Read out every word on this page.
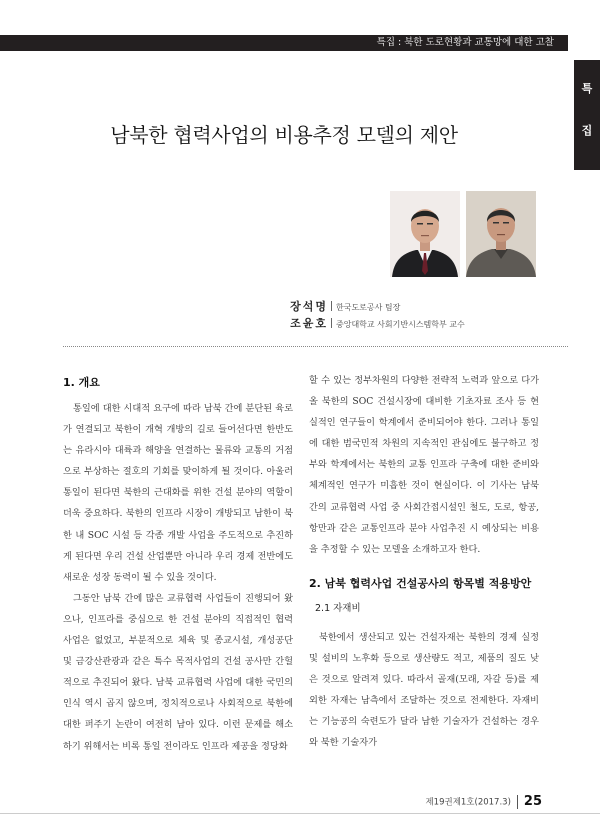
특집 : 북한 도로현황과 교통망에 대한 고찰
특
집
남북한 협력사업의 비용추정 모델의 제안
장석명 한국도로공사 팀장
조윤호 중앙대학교 사회기반시스템학부 교수
1. 개요

통일에 대한 시대적 요구에 따라 남북 간에 분단된 육로가 연결되고 북한이 개혁 개방의 길로 들어선다면 한반도는 유라시아 대륙과 해양을 연결하는 물류와 교통의 거점으로 부상하는 절호의 기회를 맞이하게 될 것이다. 아울러 통일이 된다면 북한의 근대화를 위한 건설 분야의 역할이 더욱 중요하다. 북한의 인프라 시장이 개방되고 남한이 북한 내 SOC 시설 등 각종 개발 사업을 주도적으로 추진하게 된다면 우리 건설 산업뿐만 아니라 우리 경제 전반에도 새로운 성장 동력이 될 수 있을 것이다.

그동안 남북 간에 많은 교류협력 사업들이 진행되어 왔으나, 인프라를 중심으로 한 건설 분야의 직접적인 협력 사업은 없었고, 부분적으로 체육 및 종교시설, 개성공단 및 금강산관광과 같은 특수 목적사업의 건설 공사만 간헐적으로 추진되어 왔다. 남북 교류협력 사업에 대한 국민의 인식 역시 곱지 않으며, 정치적으로나 사회적으로 북한에 대한 퍼주기 논란이 여전히 남아 있다. 이런 문제를 해소하기 위해서는 비록 통일 전이라도 인프라 제공을 정당화

할 수 있는 정부차원의 다양한 전략적 노력과 앞으로 다가올 북한의 SOC 건설시장에 대비한 기초자료 조사 등 현실적인 연구들이 학계에서 준비되어야 한다. 그러나 통일에 대한 범국민적 차원의 지속적인 관심에도 불구하고 정부와 학계에서는 북한의 교통 인프라 구축에 대한 준비와 체계적인 연구가 미흡한 것이 현실이다. 이 기사는 남북 간의 교류협력 사업 중 사회간접시설인 철도, 도로, 항공, 항만과 같은 교통인프라 분야 사업추진 시 예상되는 비용을 추정할 수 있는 모델을 소개하고자 한다.

2. 남북 협력사업 건설공사의 항목별 적용방안
2.1 자재비

북한에서 생산되고 있는 건설자재는 북한의 경제 실정 및 설비의 노후화 등으로 생산량도 적고, 제품의 질도 낮은 것으로 알려져 있다. 따라서 골재(모래, 자갈 등)를 제외한 자재는 남측에서 조달하는 것으로 전제한다. 자재비는 기능공의 숙련도가 달라 남한 기술자가 건설하는 경우와 북한 기술자가

제19권제1호(2017.3) 25
